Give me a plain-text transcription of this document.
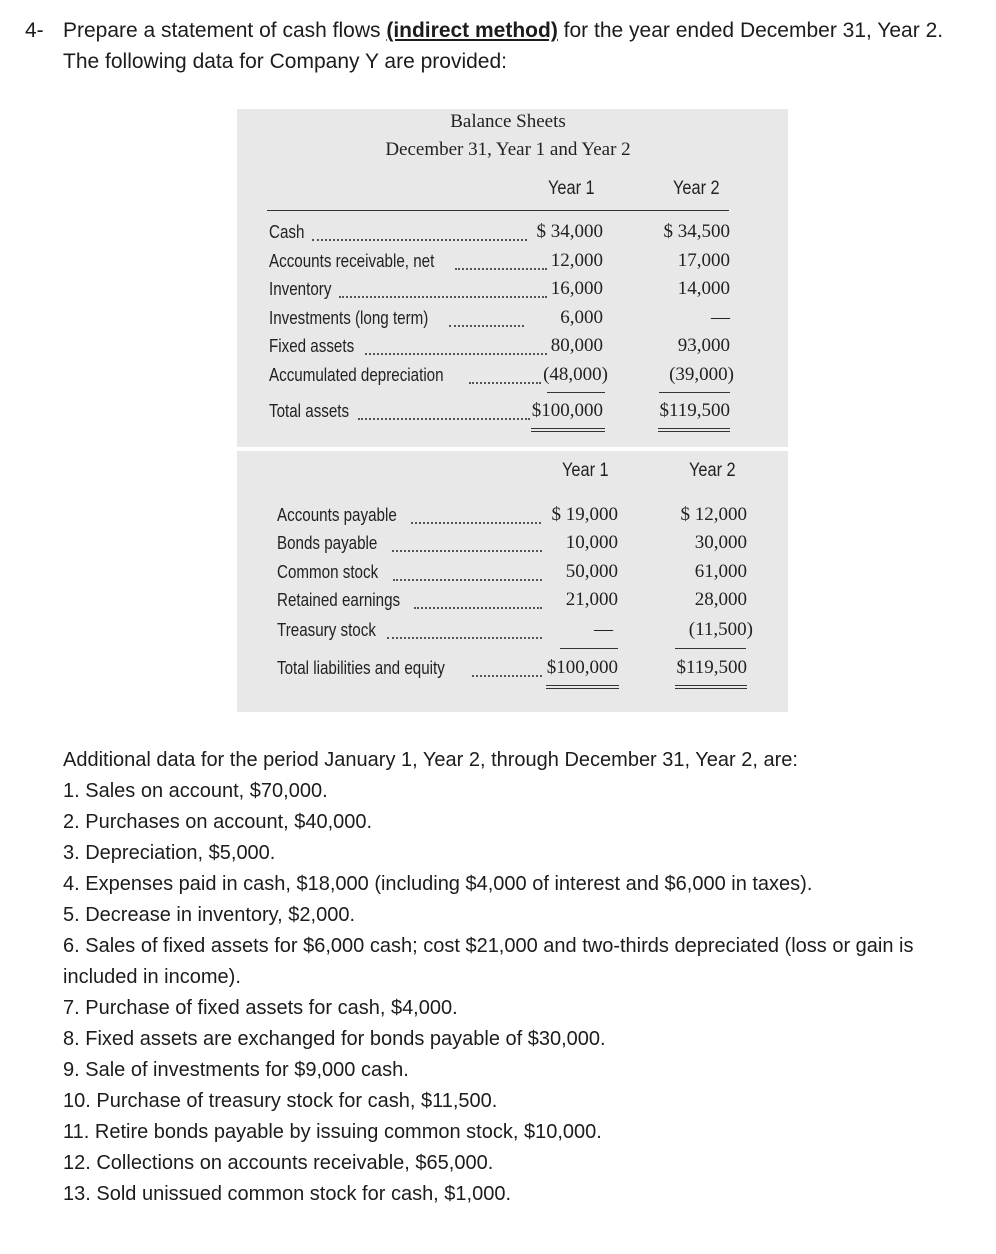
4- Prepare a statement of cash flows (indirect method) for the year ended December 31, Year 2.
The following data for Company Y are provided:
Balance Sheets
December 31, Year 1 and Year 2
Year 1	Year 2
Cash	$ 34,000	$ 34,500
Accounts receivable, net	12,000	17,000
Inventory	16,000	14,000
Investments (long term)	6,000	—
Fixed assets	80,000	93,000
Accumulated depreciation	(48,000)	(39,000)
Total assets	$100,000	$119,500
Year 1	Year 2
Accounts payable	$ 19,000	$ 12,000
Bonds payable	10,000	30,000
Common stock	50,000	61,000
Retained earnings	21,000	28,000
Treasury stock	—	(11,500)
Total liabilities and equity	$100,000	$119,500
Additional data for the period January 1, Year 2, through December 31, Year 2, are:
1. Sales on account, $70,000.
2. Purchases on account, $40,000.
3. Depreciation, $5,000.
4. Expenses paid in cash, $18,000 (including $4,000 of interest and $6,000 in taxes).
5. Decrease in inventory, $2,000.
6. Sales of fixed assets for $6,000 cash; cost $21,000 and two-thirds depreciated (loss or gain is included in income).
7. Purchase of fixed assets for cash, $4,000.
8. Fixed assets are exchanged for bonds payable of $30,000.
9. Sale of investments for $9,000 cash.
10. Purchase of treasury stock for cash, $11,500.
11. Retire bonds payable by issuing common stock, $10,000.
12. Collections on accounts receivable, $65,000.
13. Sold unissued common stock for cash, $1,000.
